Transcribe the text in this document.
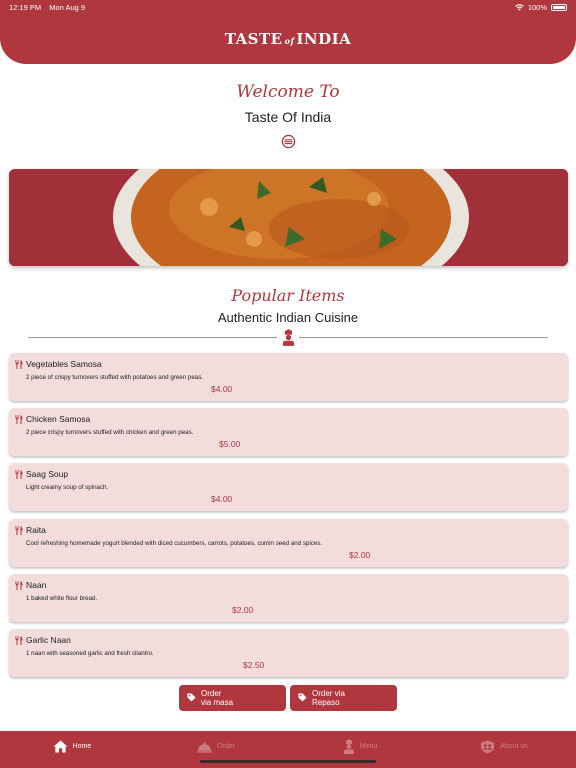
TASTE of INDIA
12:19 PM Mon Aug 9	100%
Welcome To
Taste Of India
Popular Items
Authentic Indian Cuisine
Vegetables Samosa
2 piece of crispy turnovers stuffed with potatoes and green peas.
$4.00
Chicken Samosa
2 piece crispy turnovers stuffed with chicken and green peas.
$5.00
Saag Soup
Light creamy soup of spinach.
$4.00
Raita
Cool refreshing homemade yogurt blended with diced cucumbers, carrots, potatoes, cumin seed and spices.
$2.00
Naan
1 baked white flour bread.
$2.00
Garlic Naan
1 naan with seasoned garlic and fresh cilantro.
$2.50
Order
via masa
Order via
Repaso
Home	Order	Menu	About us
